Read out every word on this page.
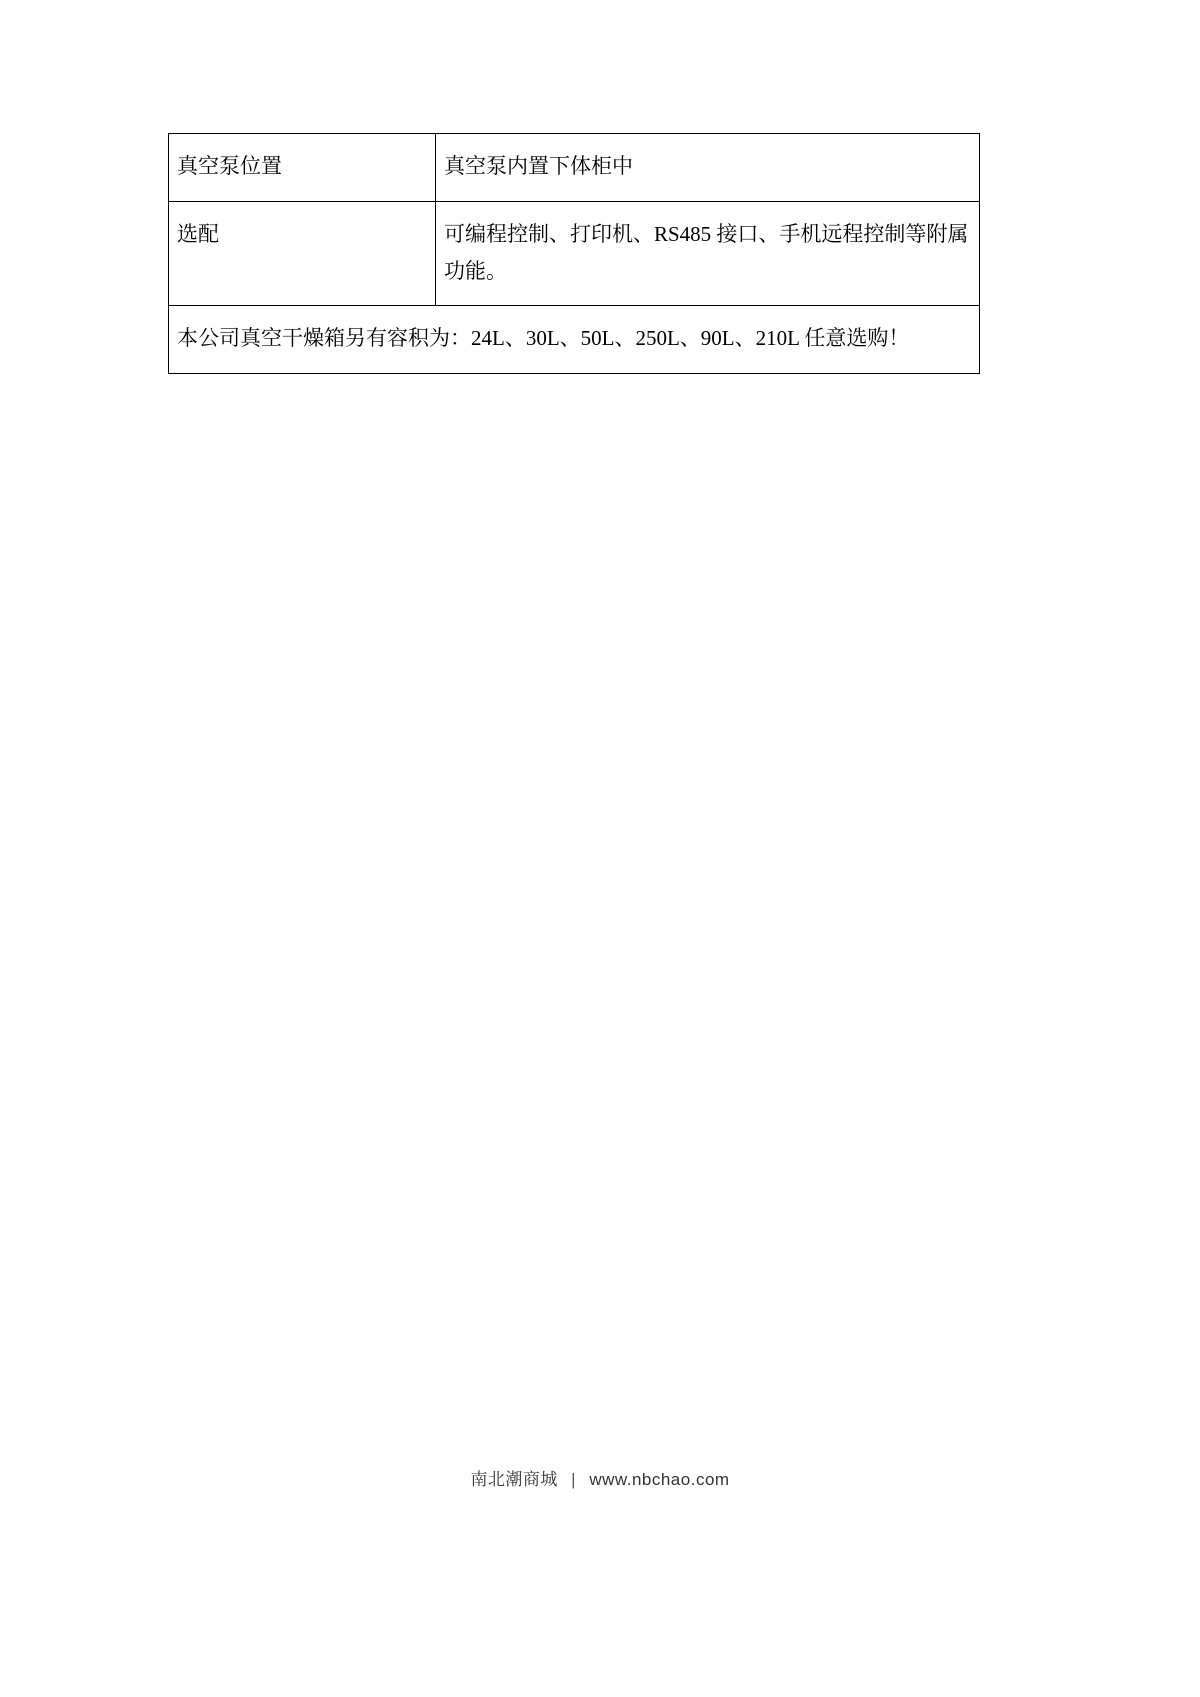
真空泵位置	真空泵内置下体柜中
选配	可编程控制、打印机、RS485 接口、手机远程控制等附属功能。
本公司真空干燥箱另有容积为：24L、30L、50L、250L、90L、210L 任意选购！	
南北潮商城 | www.nbchao.com
